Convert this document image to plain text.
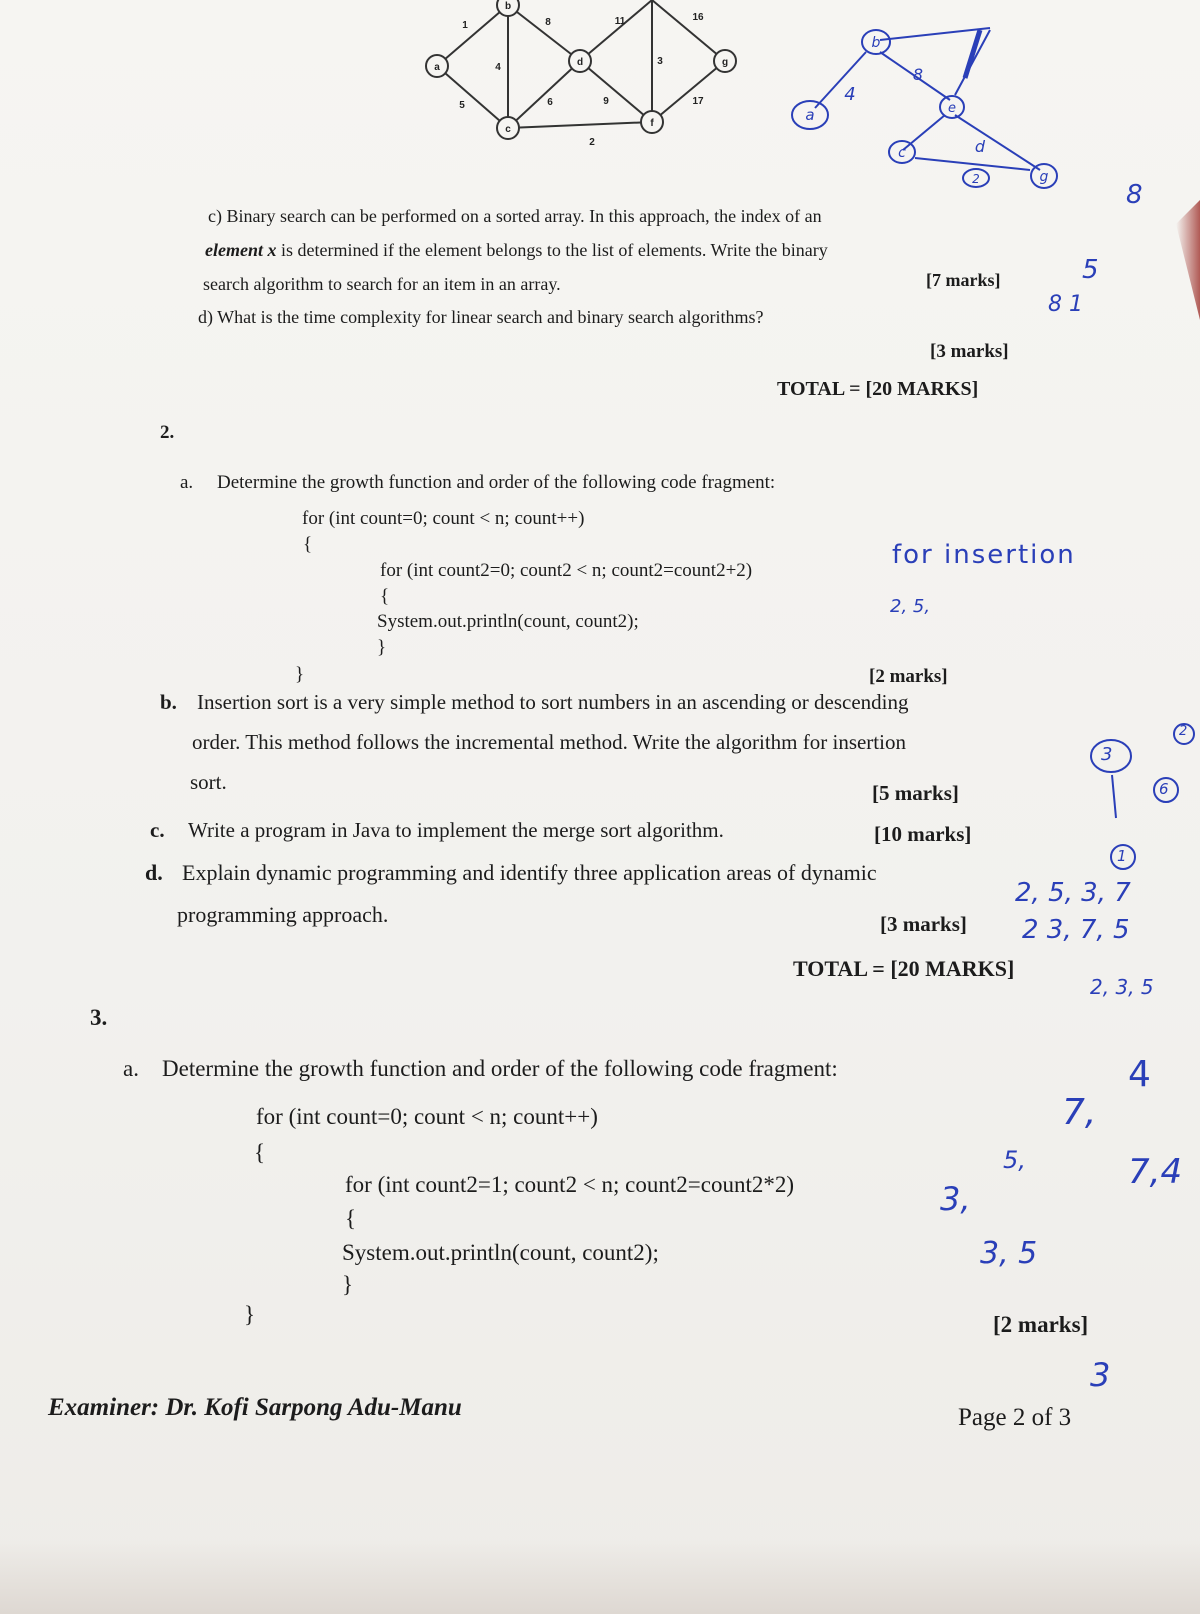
a
b
c
d
f
g
1	8	11	16
4
5	6	9
3
2
17
b
a
4
8
e
c	d
2	g
c) Binary search can be performed on a sorted array. In this approach, the index of an
element x is determined if the element belongs to the list of elements. Write the binary
search algorithm to search for an item in an array.	[7 marks]
d) What is the time complexity for linear search and binary search algorithms?
[3 marks]
TOTAL = [20 MARKS]
2.
a. Determine the growth function and order of the following code fragment:
for (int count=0; count < n; count++)
{
for (int count2=0; count2 < n; count2=count2+2)
{
System.out.println(count, count2);
}
}	[2 marks]
b. Insertion sort is a very simple method to sort numbers in an ascending or descending
order. This method follows the incremental method. Write the algorithm for insertion
sort.	[5 marks]
c. Write a program in Java to implement the merge sort algorithm.	[10 marks]
d. Explain dynamic programming and identify three application areas of dynamic
programming approach.	[3 marks]
TOTAL = [20 MARKS]
3.
a. Determine the growth function and order of the following code fragment:
for (int count=0; count < n; count++)
{
for (int count2=1; count2 < n; count2=count2*2)
{
System.out.println(count, count2);
}
}	[2 marks]
Examiner: Dr. Kofi Sarpong Adu-Manu	Page 2 of 3
8
5
8 1
for insertion
2, 5,
3
2
6
1
2, 5, 3, 7
2 3, 7, 5
2, 3, 5
4
7,
5,
3,
7,4
3, 5
3
